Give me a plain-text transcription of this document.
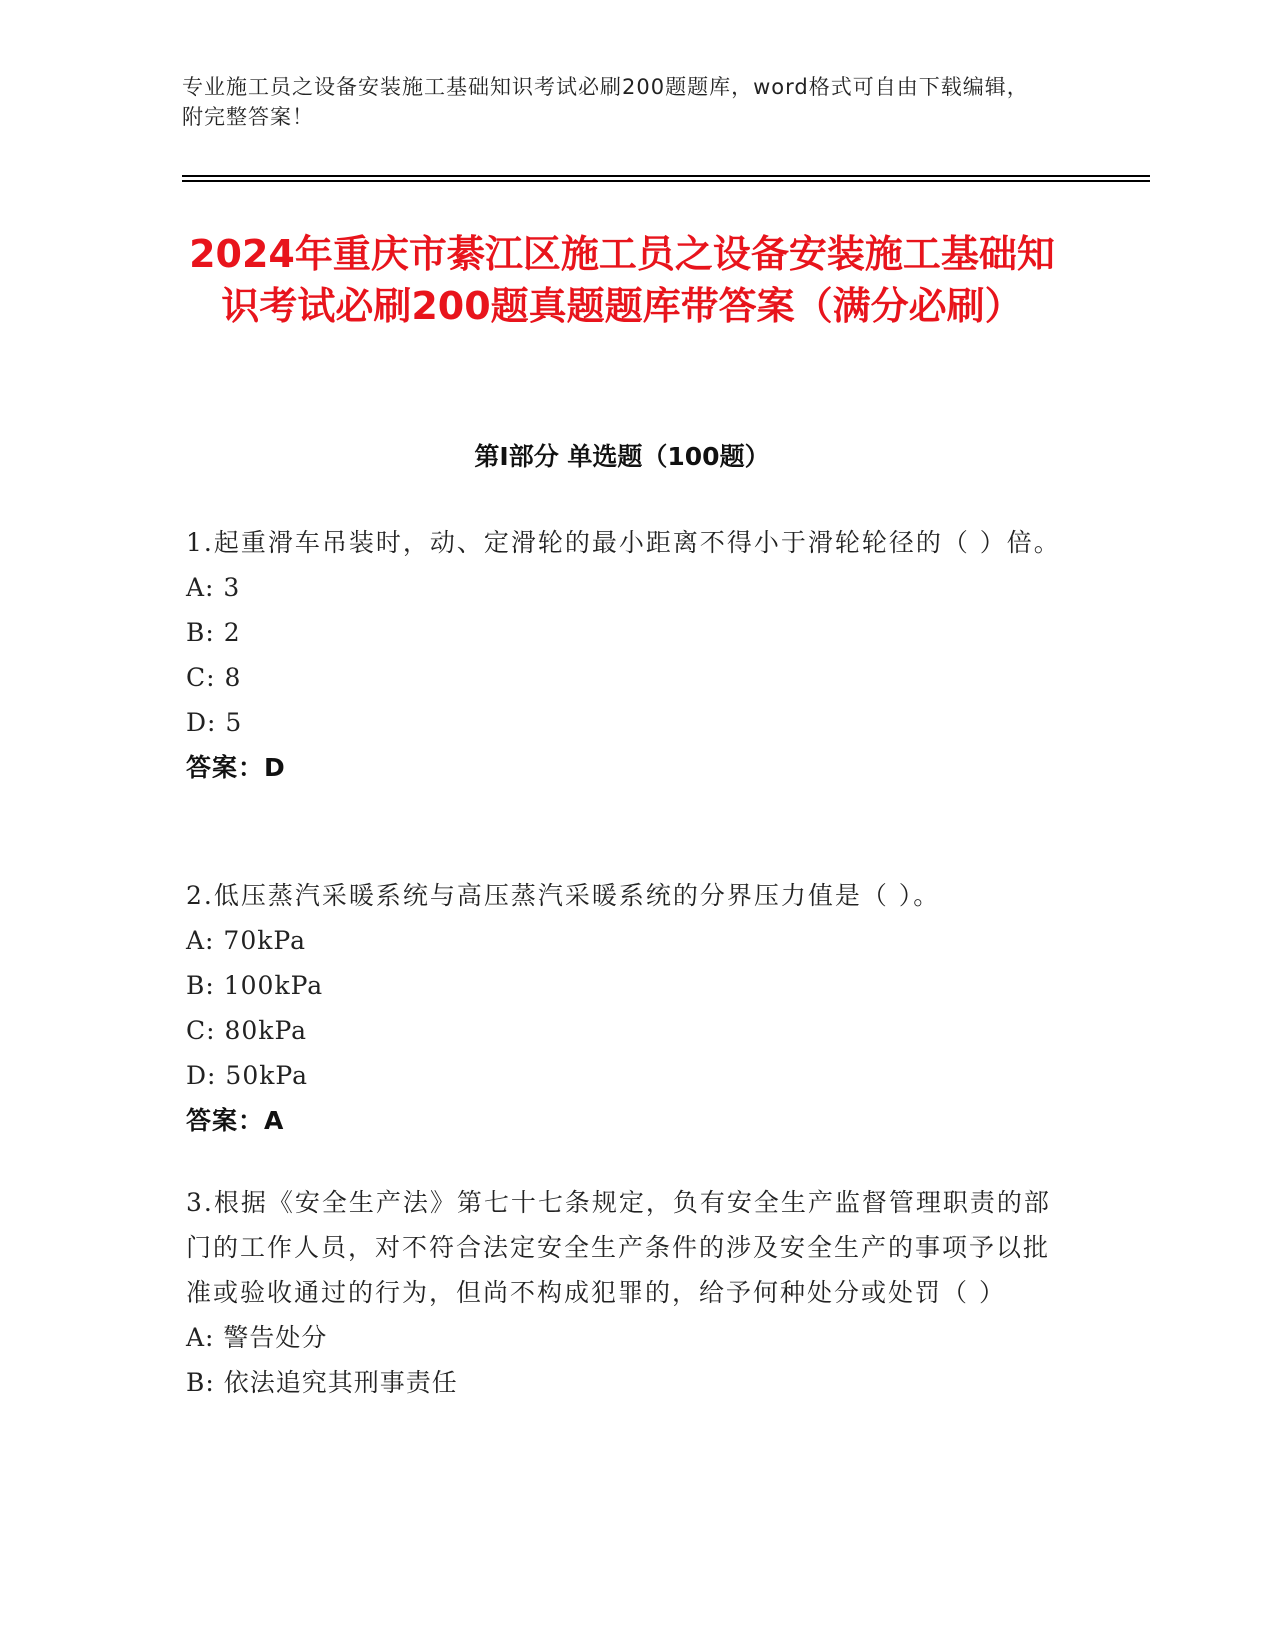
专业施工员之设备安装施工基础知识考试必刷200题题库，word格式可自由下载编辑，附完整答案！
2024年重庆市綦江区施工员之设备安装施工基础知识考试必刷200题真题题库带答案（满分必刷）
第I部分 单选题（100题）
1.起重滑车吊装时，动、定滑轮的最小距离不得小于滑轮轮径的（ ）倍。
A: 3
B: 2
C: 8
D: 5
答案：D
2.低压蒸汽采暖系统与高压蒸汽采暖系统的分界压力值是（ ）。
A: 70kPa
B: 100kPa
C: 80kPa
D: 50kPa
答案：A
3.根据《安全生产法》第七十七条规定，负有安全生产监督管理职责的部门的工作人员，对不符合法定安全生产条件的涉及安全生产的事项予以批准或验收通过的行为，但尚不构成犯罪的，给予何种处分或处罚（ ）
A: 警告处分
B: 依法追究其刑事责任
